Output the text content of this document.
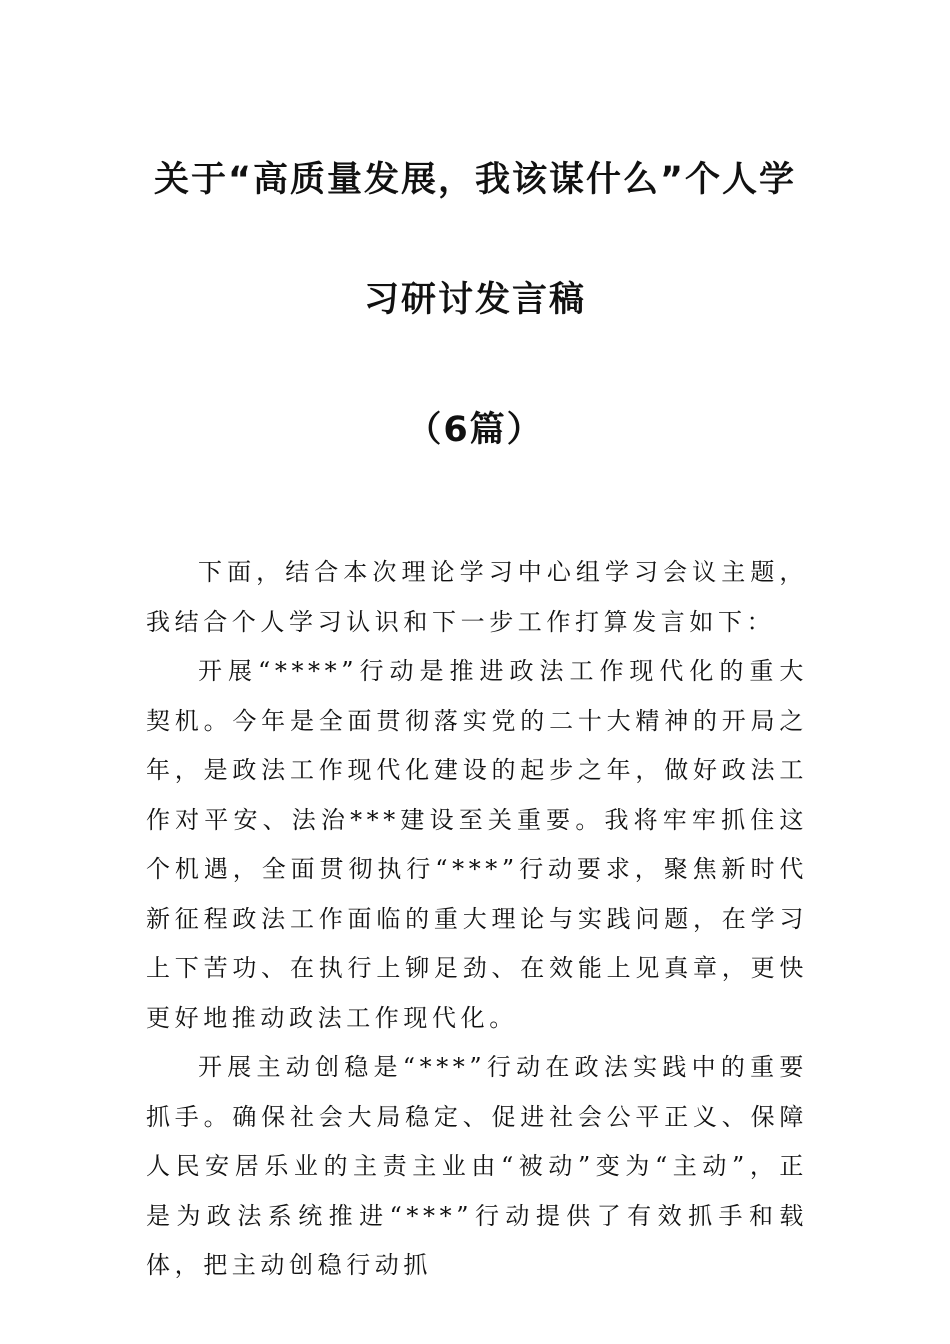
关于“高质量发展，我该谋什么”个人学
习研讨发言稿
（6篇）

下面，结合本次理论学习中心组学习会议主题，我结合个人学习认识和下一步工作打算发言如下：

开展“****”行动是推进政法工作现代化的重大契机。今年是全面贯彻落实党的二十大精神的开局之年，是政法工作现代化建设的起步之年，做好政法工作对平安、法治***建设至关重要。我将牢牢抓住这个机遇，全面贯彻执行“***”行动要求，聚焦新时代新征程政法工作面临的重大理论与实践问题，在学习上下苦功、在执行上铆足劲、在效能上见真章，更快更好地推动政法工作现代化。

开展主动创稳是“***”行动在政法实践中的重要抓手。确保社会大局稳定、促进社会公平正义、保障人民安居乐业的主责主业由“被动”变为“主动”，正是为政法系统推进“***”行动提供了有效抓手和载体，把主动创稳行动抓
